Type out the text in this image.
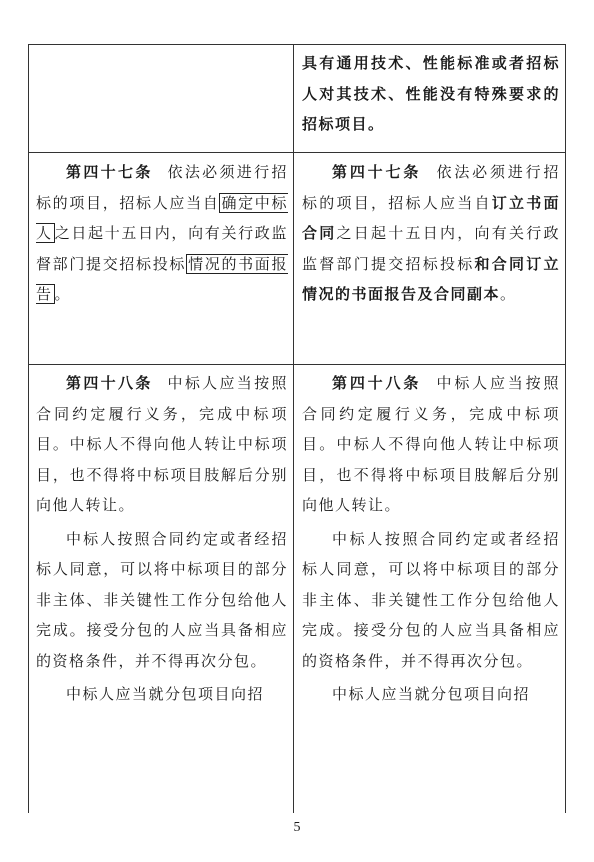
具有通用技术、性能标准或者招标人对其技术、性能没有特殊要求的招标项目。

第四十七条 依法必须进行招标的项目，招标人应当自 确定中标人 之日起十五日内，向有关行政监督部门提交招标投标 情况的书面报告 。

第四十七条 依法必须进行招标的项目，招标人应当自订立书面合同之日起十五日内，向有关行政监督部门提交招标投标和合同订立情况的书面报告及合同副本。

第四十八条 中标人应当按照合同约定履行义务，完成中标项目。中标人不得向他人转让中标项目，也不得将中标项目肢解后分别向他人转让。

中标人按照合同约定或者经招标人同意，可以将中标项目的部分非主体、非关键性工作分包给他人完成。接受分包的人应当具备相应的资格条件，并不得再次分包。

中标人应当就分包项目向招

第四十八条 中标人应当按照合同约定履行义务，完成中标项目。中标人不得向他人转让中标项目，也不得将中标项目肢解后分别向他人转让。

中标人按照合同约定或者经招标人同意，可以将中标项目的部分非主体、非关键性工作分包给他人完成。接受分包的人应当具备相应的资格条件，并不得再次分包。

中标人应当就分包项目向招

5
